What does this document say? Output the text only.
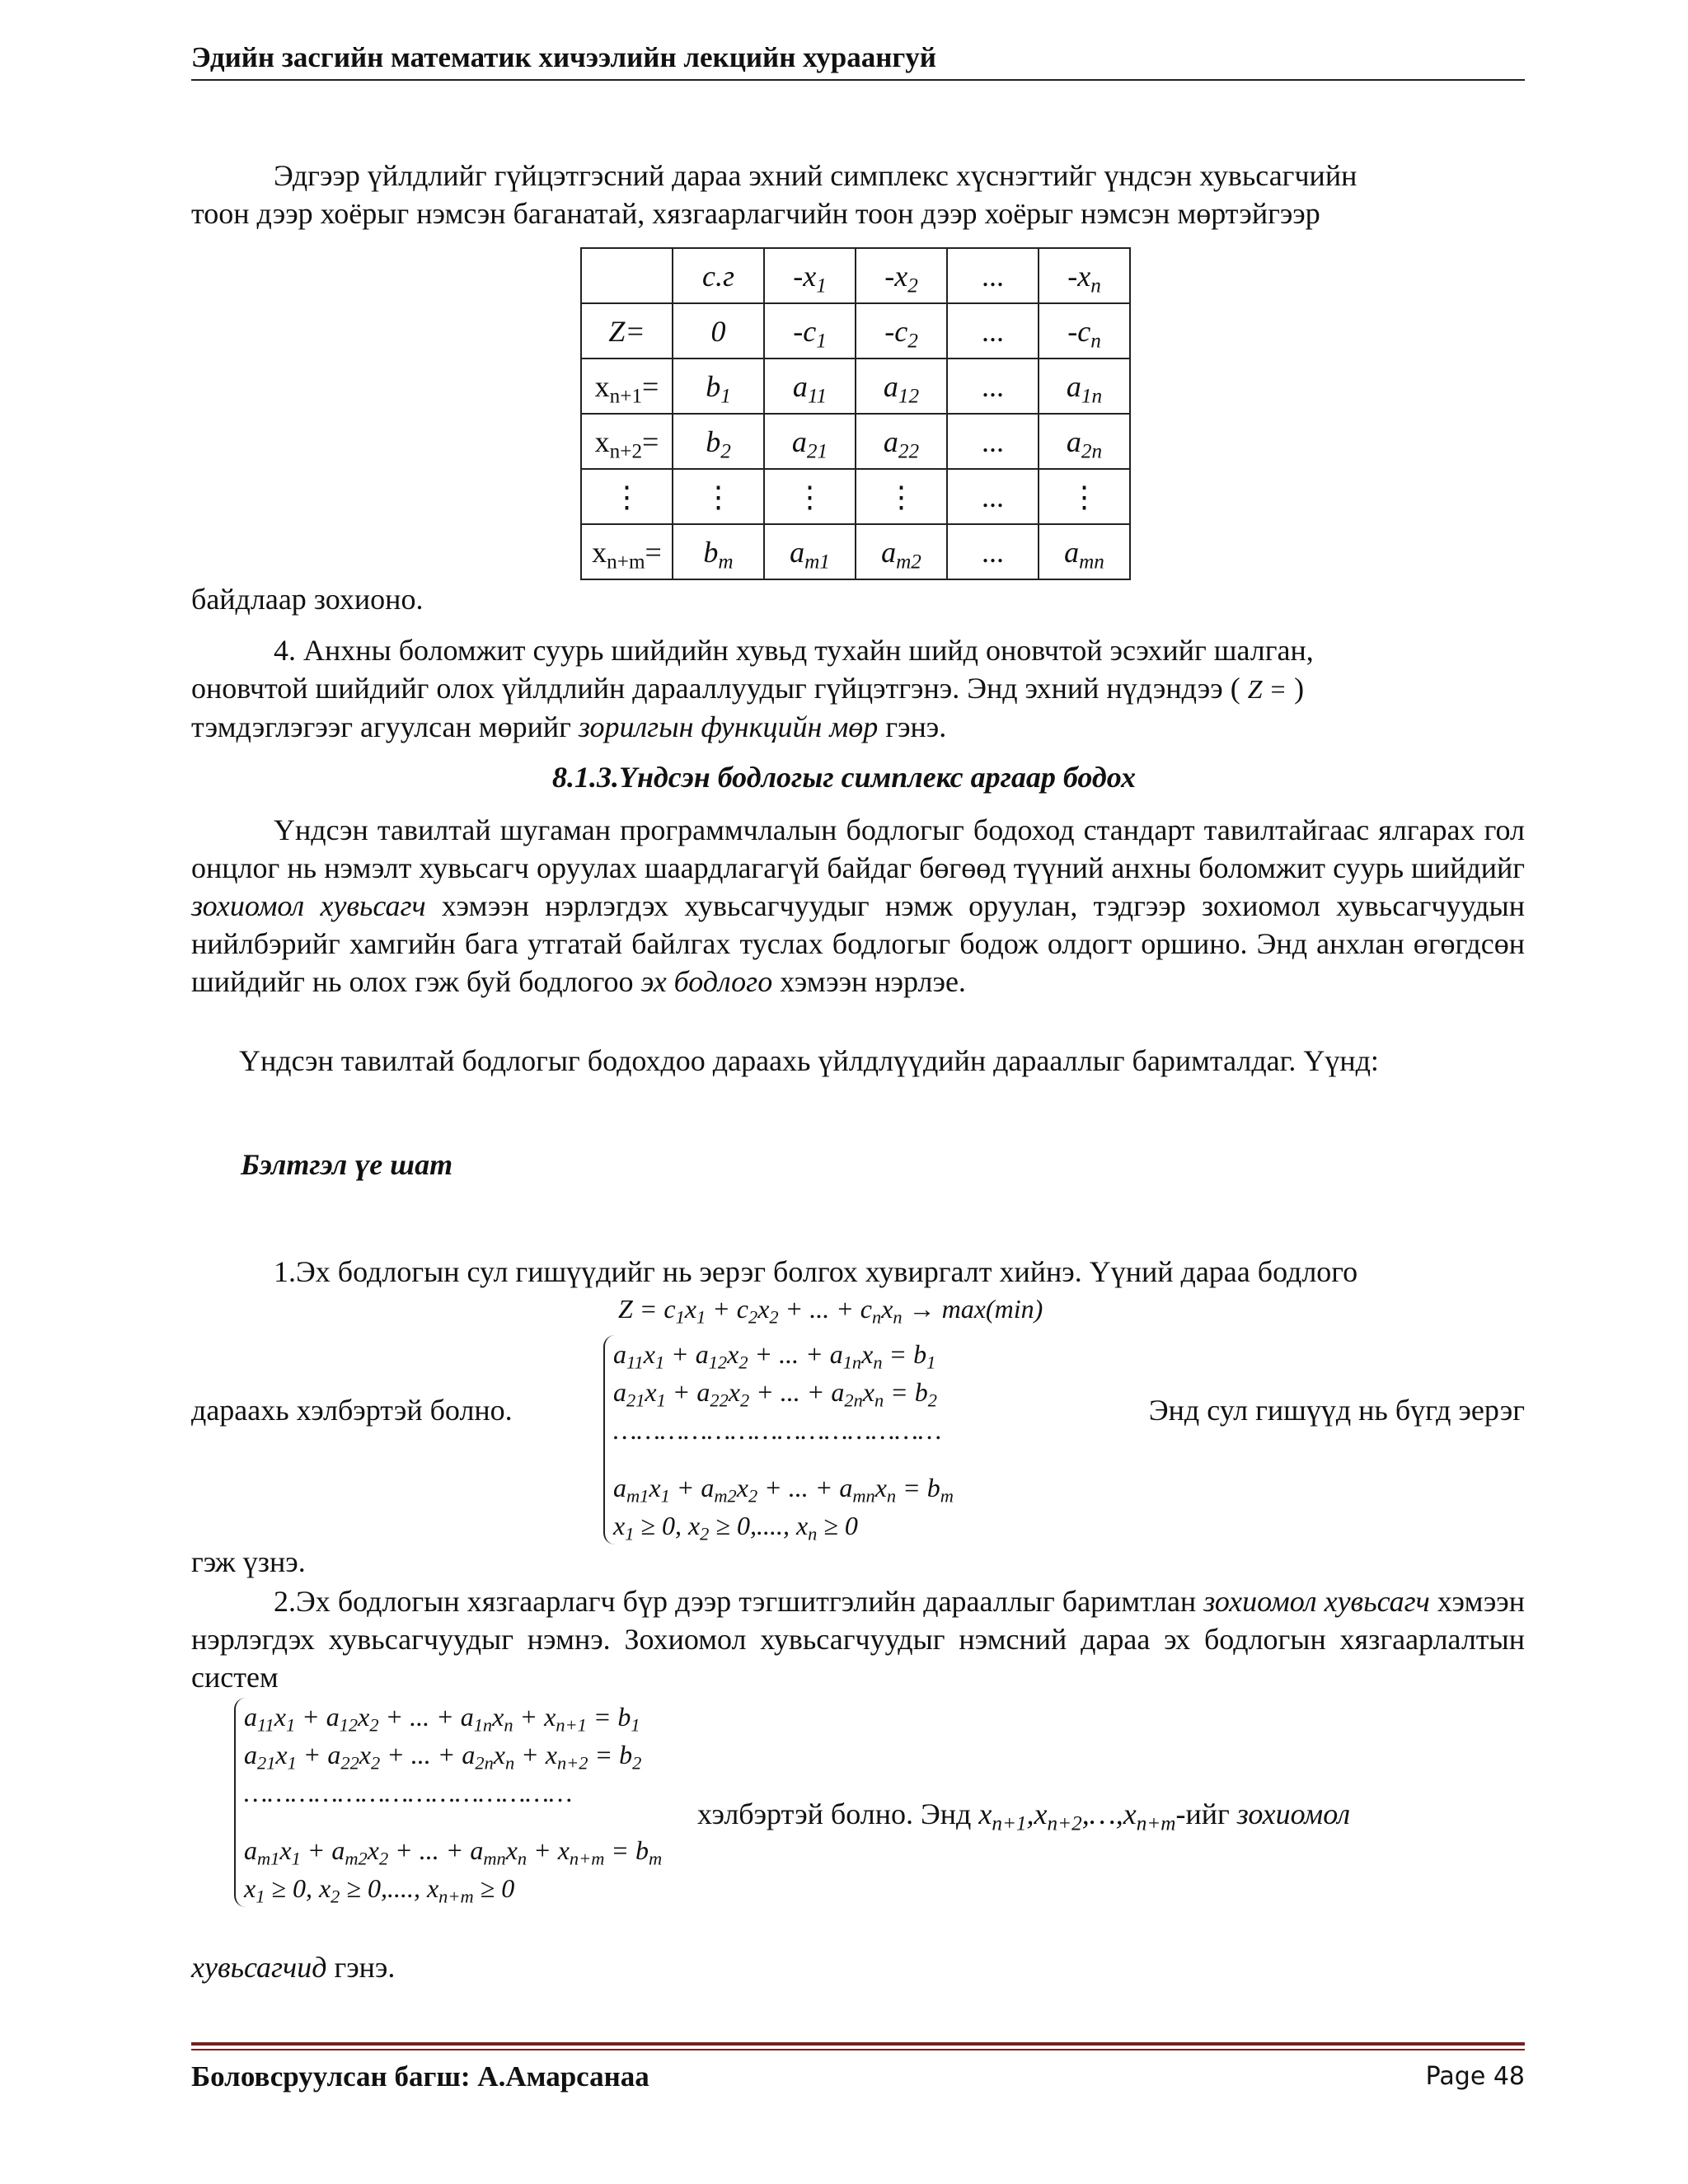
Эдийн засгийн математик хичээлийн лекцийн хураангуй

Эдгээр үйлдлийг гүйцэтгэсний дараа эхний симплекс хүснэгтийг үндсэн хувьсагчийн

тоон дээр хоёрыг нэмсэн баганатай, хязгаарлагчийн тоон дээр хоёрыг нэмсэн мөртэйгээр

	с.г	$-x_1$	$-x_2$	...	$-x_n$
Z=	0	$-c_1$	$-c_2$	...	$-c_n$
$x_{n+1}=$	$b_1$	$a_{11}$	$a_{12}$	...	$a_{1n}$
$x_{n+2}=$	$b_2$	$a_{21}$	$a_{22}$	...	$a_{2n}$
⋮	⋮	⋮	⋮	...	⋮
$x_{n+m}=$	$b_m$	$a_{m1}$	$a_{m2}$	...	$a_{mn}$
байдлаар зохионо.

4. Анхны боломжит суурь шийдийн хувьд тухайн шийд оновчтой эсэхийг шалган,

оновчтой шийдийг олох үйлдлийн дарааллуудыг гүйцэтгэнэ. Энд эхний нүдэндээ ( Z = )

тэмдэглэгээг агуулсан мөрийг зорилгын функцийн мөр гэнэ.

8.1.3.Үндсэн бодлогыг симплекс аргаар бодох

Үндсэн тавилтай шугаман программчлалын бодлогыг бодоход стандарт тавилтайгаас ялгарах гол онцлог нь нэмэлт хувьсагч оруулах шаардлагагүй байдаг бөгөөд түүний анхны боломжит суурь шийдийг зохиомол хувьсагч хэмээн нэрлэгдэх хувьсагчуудыг нэмж оруулан, тэдгээр зохиомол хувьсагчуудын нийлбэрийг хамгийн бага утгатай байлгах туслах бодлогыг бодож олдогт оршино. Энд анхлан өгөгдсөн шийдийг нь олох гэж буй бодлогоо эх бодлого хэмээн нэрлэе.

Үндсэн тавилтай бодлогыг бодохдоо дараахь үйлдлүүдийн дарааллыг баримталдаг. Үүнд:
Бэлтгэл үе шат

1.Эх бодлогын сул гишүүдийг нь эерэг болгох хувиргалт хийнэ. Үүний дараа бодлого

$Z = c_1x_1 + c_2x_2$ + ... + $c_nx_n \to \max(\min)$
дараахь хэлбэртэй болно.	Энд сул гишүүд нь бүгд эерэг
$a_{11}x_1 + a_{12}x_2$ + ... + $a_{1n}x_n = b_1$
$a_{21}x_1 + a_{22}x_2$ + ... + $a_{2n}x_n = b_2$
……………………………………
$a_{m1}x_1 + a_{m2}x_2$ + ... + $a_{mn}x_n = b_m$
$x_1 \ge 0$, $x_2 \ge 0$,...., $x_n \ge 0$
гэж үзнэ.

2.Эх бодлогын хязгаарлагч бүр дээр тэгшитгэлийн дарааллыг баримтлан зохиомол хувьсагч хэмээн нэрлэгдэх хувьсагчуудыг нэмнэ. Зохиомол хувьсагчуудыг нэмсний дараа эх бодлогын хязгаарлалтын систем

$a_{11}x_1 + a_{12}x_2$ + ... + $a_{1n}x_n + x_{n+1} = b_1$
$a_{21}x_1 + a_{22}x_2$ + ... + $a_{2n}x_n + x_{n+2} = b_2$
……………………………………
$a_{m1}x_1 + a_{m2}x_2$ + ... + $a_{mn}x_n + x_{n+m} = b_m$
$x_1 \ge 0$, $x_2 \ge 0$,...., $x_{n+m} \ge 0$
хэлбэртэй болно. Энд $x_{n+1},x_{n+2},\dots,x_{n+m}$-ийг зохиомол
хувьсагчид гэнэ.
Боловсруулсан багш: А.Амарсанаа	Page 48
